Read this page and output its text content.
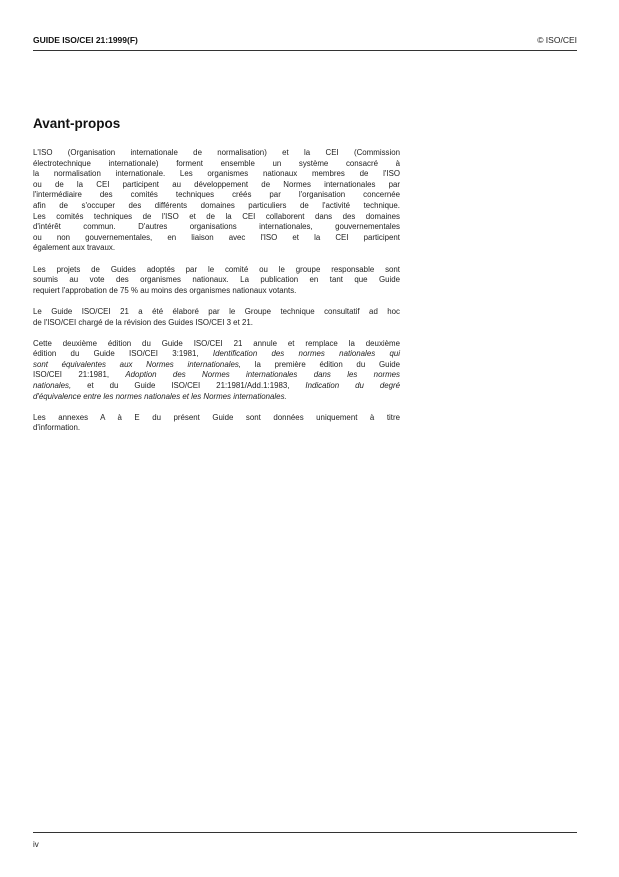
GUIDE ISO/CEI 21:1999(F)	© ISO/CEI
Avant-propos
L'ISO (Organisation internationale de normalisation) et la CEI (Commission
électrotechnique internationale) forment ensemble un système consacré à
la normalisation internationale. Les organismes nationaux membres de l'ISO
ou de la CEI participent au développement de Normes internationales par
l'intermédiaire des comités techniques créés par l'organisation concernée
afin de s'occuper des différents domaines particuliers de l'activité technique.
Les comités techniques de l'ISO et de la CEI collaborent dans des domaines
d'intérêt commun. D'autres organisations internationales, gouvernementales
ou non gouvernementales, en liaison avec l'ISO et la CEI participent
également aux travaux.
Les projets de Guides adoptés par le comité ou le groupe responsable sont
soumis au vote des organismes nationaux. La publication en tant que Guide
requiert l'approbation de 75 % au moins des organismes nationaux votants.
Le Guide ISO/CEI 21 a été élaboré par le Groupe technique consultatif ad hoc
de l'ISO/CEI chargé de la révision des Guides ISO/CEI 3 et 21.
Cette deuxième édition du Guide ISO/CEI 21 annule et remplace la deuxième
édition du Guide ISO/CEI 3:1981, Identification des normes nationales qui
sont équivalentes aux Normes internationales, la première édition du Guide
ISO/CEI 21:1981, Adoption des Normes internationales dans les normes
nationales, et du Guide ISO/CEI 21:1981/Add.1:1983, Indication du degré
d'équivalence entre les normes nationales et les Normes internationales.
Les annexes A à E du présent Guide sont données uniquement à titre
d'information.
iv
